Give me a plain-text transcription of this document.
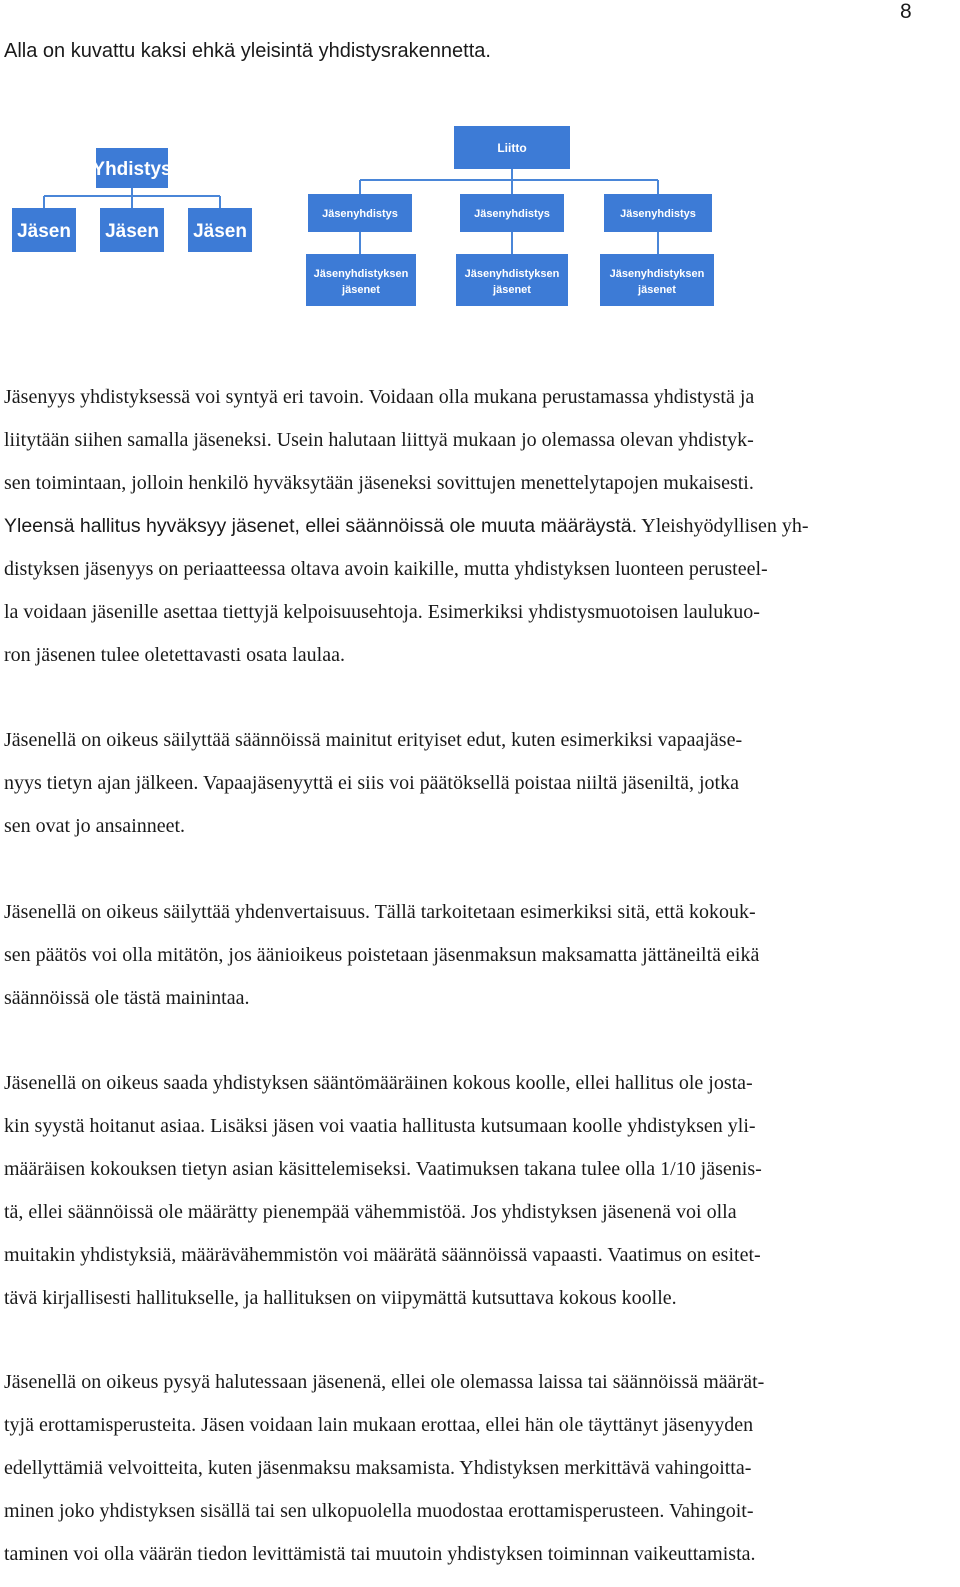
8

Alla on kuvattu kaksi ehkä yleisintä yhdistysrakennetta.

Yhdistys
Jäsen Jäsen Jäsen
Liitto
Jäsenyhdistys	Jäsenyhdistys	Jäsenyhdistys
Jäsenyhdistyksen
jäsenet
Jäsenyhdistyksen
jäsenet
Jäsenyhdistyksen
jäsenet

Jäsenyys yhdistyksessä voi syntyä eri tavoin. Voidaan olla mukana perustamassa yhdistystä ja
liitytään siihen samalla jäseneksi. Usein halutaan liittyä mukaan jo olemassa olevan yhdistyk-
sen toimintaan, jolloin henkilö hyväksytään jäseneksi sovittujen menettelytapojen mukaisesti.
Yleensä hallitus hyväksyy jäsenet, ellei säännöissä ole muuta määräystä. Yleishyödyllisen yh-
distyksen jäsenyys on periaatteessa oltava avoin kaikille, mutta yhdistyksen luonteen perusteel-
la voidaan jäsenille asettaa tiettyjä kelpoisuusehtoja. Esimerkiksi yhdistysmuotoisen laulukuo-
ron jäsenen tulee oletettavasti osata laulaa.

Jäsenellä on oikeus säilyttää säännöissä mainitut erityiset edut, kuten esimerkiksi vapaajäse-
nyys tietyn ajan jälkeen. Vapaajäsenyyttä ei siis voi päätöksellä poistaa niiltä jäseniltä, jotka
sen ovat jo ansainneet.

Jäsenellä on oikeus säilyttää yhdenvertaisuus. Tällä tarkoitetaan esimerkiksi sitä, että kokouk-
sen päätös voi olla mitätön, jos äänioikeus poistetaan jäsenmaksun maksamatta jättäneiltä eikä
säännöissä ole tästä mainintaa.

Jäsenellä on oikeus saada yhdistyksen sääntömääräinen kokous koolle, ellei hallitus ole josta-
kin syystä hoitanut asiaa. Lisäksi jäsen voi vaatia hallitusta kutsumaan koolle yhdistyksen yli-
määräisen kokouksen tietyn asian käsittelemiseksi. Vaatimuksen takana tulee olla 1/10 jäsenis-
tä, ellei säännöissä ole määrätty pienempää vähemmistöä. Jos yhdistyksen jäsenenä voi olla
muitakin yhdistyksiä, määrävähemmistön voi määrätä säännöissä vapaasti. Vaatimus on esitet-
tävä kirjallisesti hallitukselle, ja hallituksen on viipymättä kutsuttava kokous koolle.

Jäsenellä on oikeus pysyä halutessaan jäsenenä, ellei ole olemassa laissa tai säännöissä määrät-
tyjä erottamisperusteita. Jäsen voidaan lain mukaan erottaa, ellei hän ole täyttänyt jäsenyyden
edellyttämiä velvoitteita, kuten jäsenmaksu maksamista. Yhdistyksen merkittävä vahingoitta-
minen joko yhdistyksen sisällä tai sen ulkopuolella muodostaa erottamisperusteen. Vahingoit-
taminen voi olla väärän tiedon levittämistä tai muutoin yhdistyksen toiminnan vaikeuttamista.
